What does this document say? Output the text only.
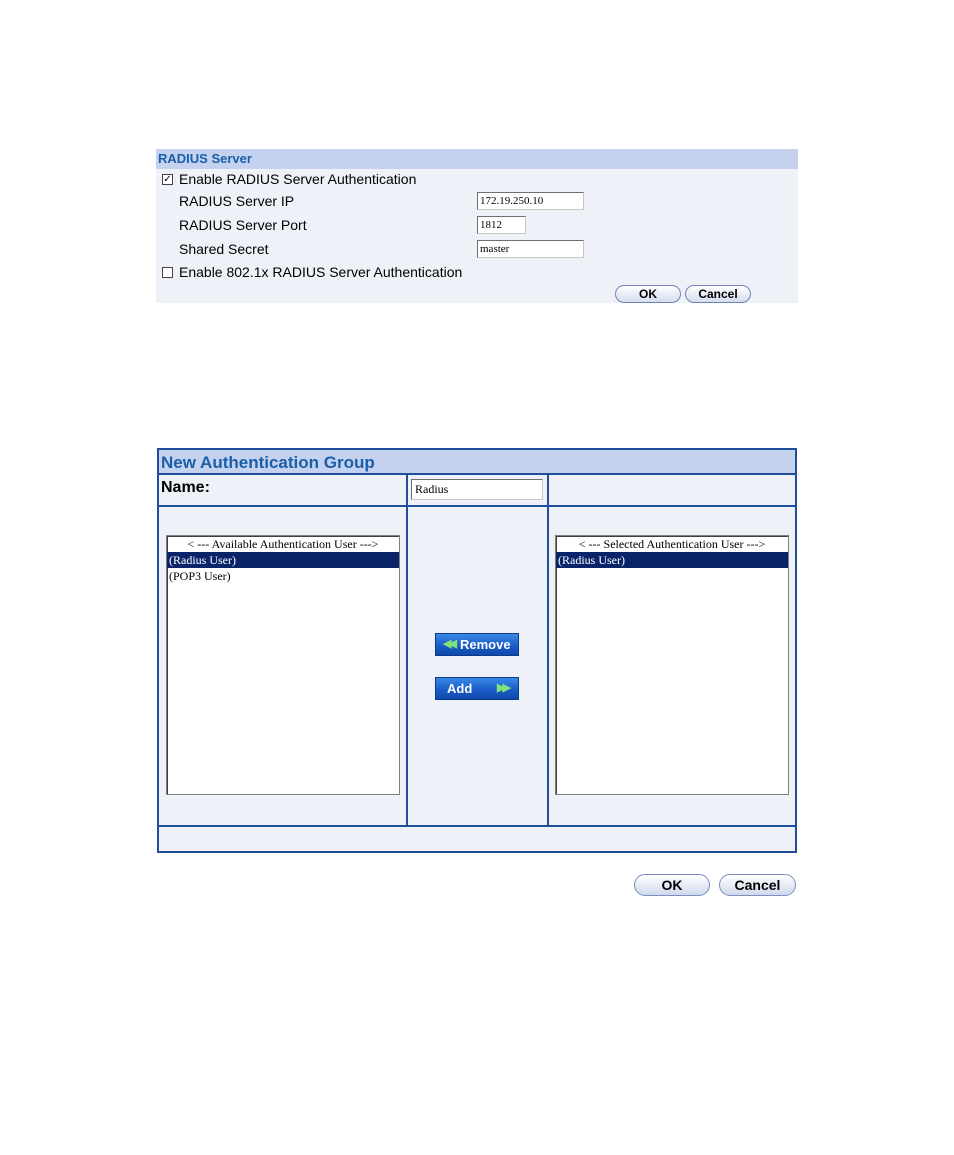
RADIUS Server
✓ Enable RADIUS Server Authentication
RADIUS Server IP	172.19.250.10
RADIUS Server Port	1812
Shared Secret	master
Enable 802.1x RADIUS Server Authentication
OK	Cancel
New Authentication Group
Name:	Radius
< --- Available Authentication User --->
(Radius User)
(POP3 User)
◀◀ Remove
Add ▶▶
< --- Selected Authentication User --->
(Radius User)
OK	Cancel
